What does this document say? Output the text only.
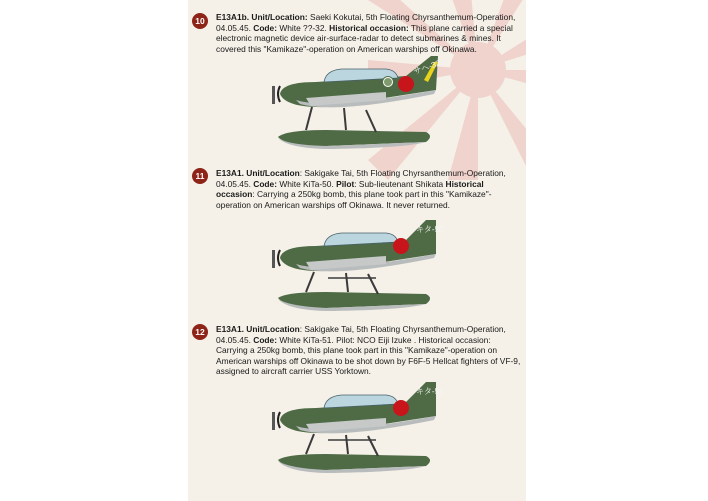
10	E13A1b. Unit/Location: Saeki Kokutai, 5th Floating Chyrsanthemum-Operation, 04.05.45. Code: White ??-32. Historical occasion: This plane carried a special electronic magnetic device air-surface-radar to detect submarines & mines. It covered this "Kamikaze"-operation on American warships off Okinawa.
サヘ-32
11	E13A1. Unit/Location: Sakigake Tai, 5th Floating Chyrsanthemum-Operation, 04.05.45. Code: White KiTa-50. Pilot: Sub-lieutenant Shikata Historical occasion: Carrying a 250kg bomb, this plane took part in this "Kamikaze"-operation on American warships off Okinawa. It never returned.
キタ-50
12	E13A1. Unit/Location: Sakigake Tai, 5th Floating Chyrsanthemum-Operation, 04.05.45. Code: White KiTa-51. Pilot: NCO Eiji Izuke . Historical occasion: Carrying a 250kg bomb, this plane took part in this "Kamikaze"-operation on American warships off Okinawa to be shot down by F6F-5 Hellcat fighters of VF-9, assigned to aircraft carrier USS Yorktown.
キタ-51
